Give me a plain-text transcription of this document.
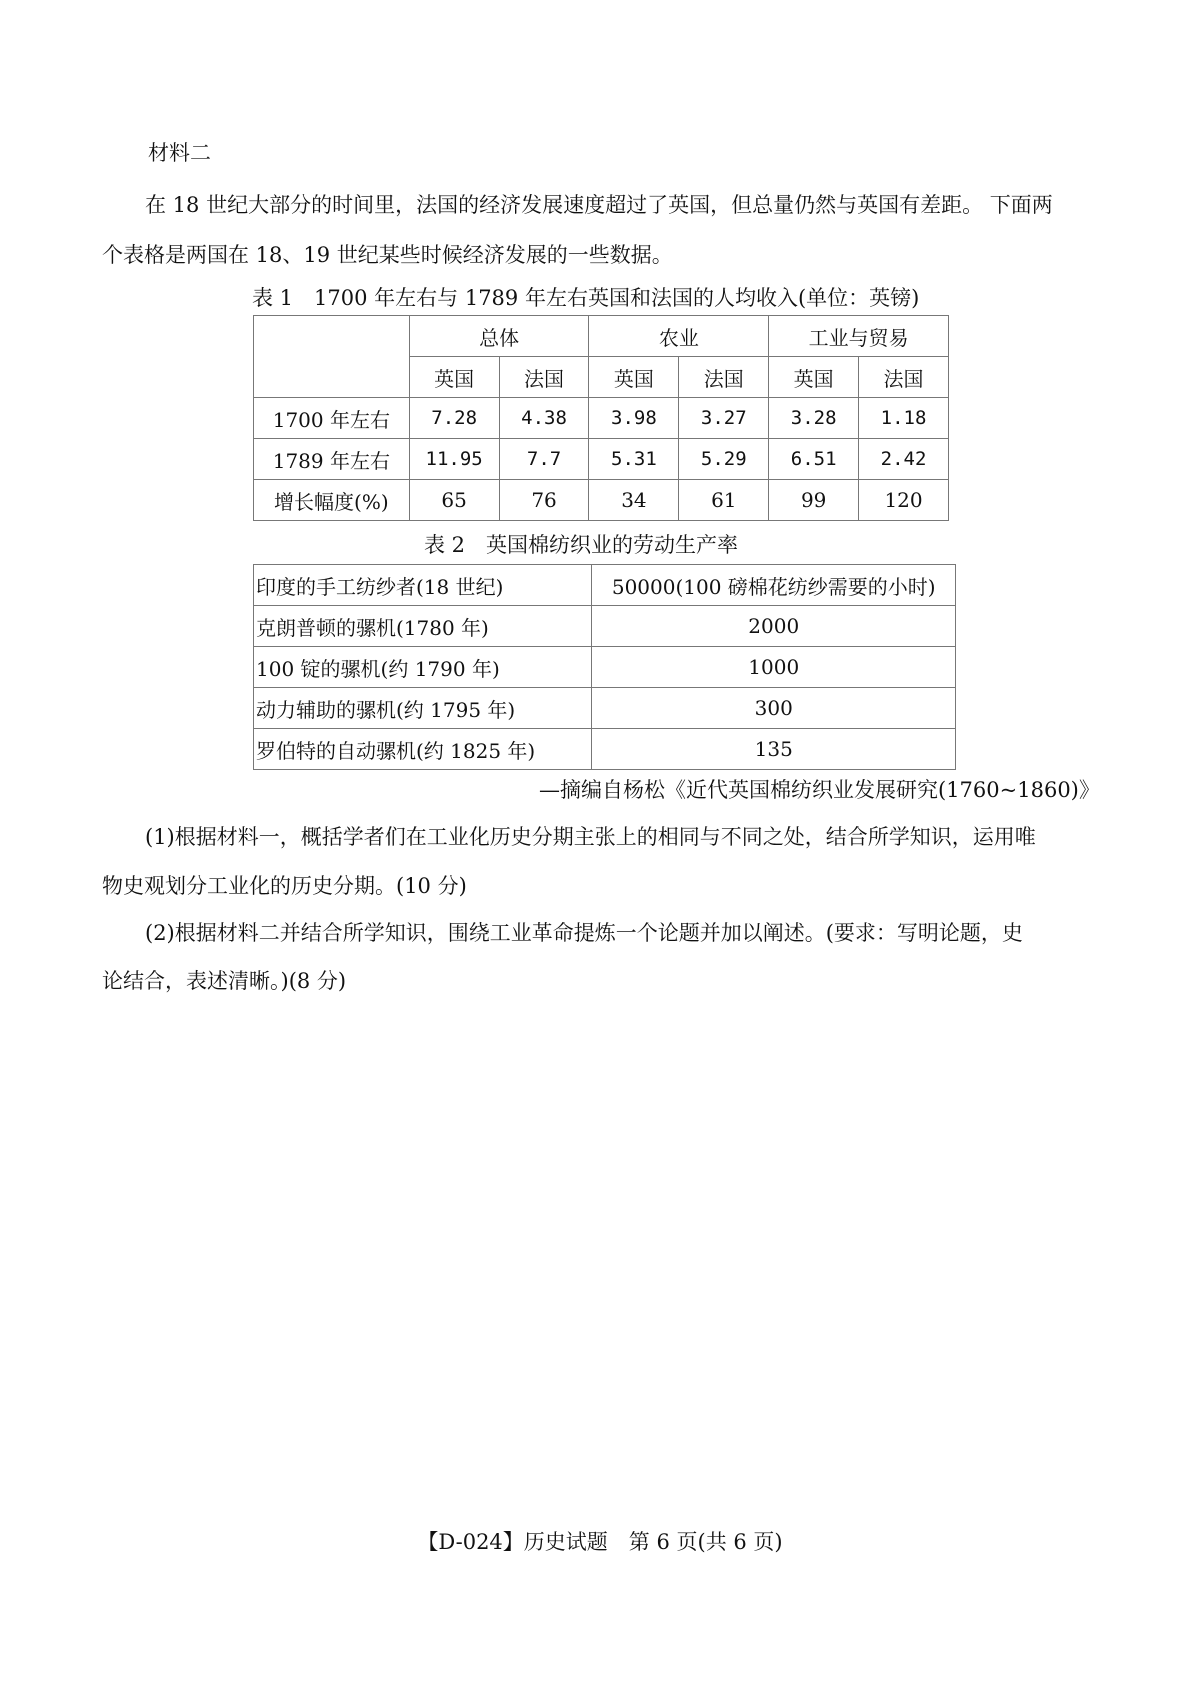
材料二
在 18 世纪大部分的时间里，法国的经济发展速度超过了英国，但总量仍然与英国有差距。 下面两
个表格是两国在 18、19 世纪某些时候经济发展的一些数据。
表 1　1700 年左右与 1789 年左右英国和法国的人均收入(单位：英镑)
	总体		农业		工业与贸易	
	英国	法国	英国	法国	英国	法国
1700 年左右	7.28	4.38	3.98	3.27	3.28	1.18
1789 年左右	11.95	7.7	5.31	5.29	6.51	2.42
增长幅度(%)	65	76	34	61	99	120
表 2　英国棉纺织业的劳动生产率
印度的手工纺纱者(18 世纪)	50000(100 磅棉花纺纱需要的小时)
克朗普顿的骡机(1780 年)	2000
100 锭的骡机(约 1790 年)	1000
动力辅助的骡机(约 1795 年)	300
罗伯特的自动骡机(约 1825 年)	135
—摘编自杨松《近代英国棉纺织业发展研究(1760~1860)》
(1)根据材料一，概括学者们在工业化历史分期主张上的相同与不同之处，结合所学知识，运用唯
物史观划分工业化的历史分期。(10 分)
(2)根据材料二并结合所学知识，围绕工业革命提炼一个论题并加以阐述。(要求：写明论题，史
论结合，表述清晰。)(8 分)
【D-024】历史试题　第 6 页(共 6 页)
